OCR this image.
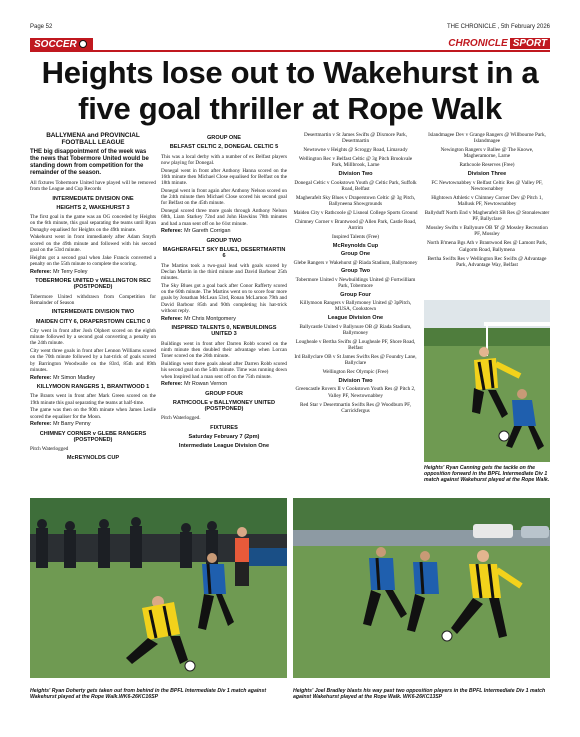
Page 52	THE CHRONICLE , 5th February 2026
SOCCER	CHRONICLE SPORT
Heights lose out to Wakehurst in a five goal thriller at Rope Walk
BALLYMENA and PROVINCIAL FOOTBALL LEAGUE

THE big disappointment of the week was the news that Tobermore United would be standing down from competition for the remainder of the season.

All fixtures Tobermore United have played will be removed from the League and Cup Records

INTERMEDIATE DIVISION ONE
HEIGHTS 2, WAKEHURST 3

The first goal in the game was an OG conceded by Heights on the 6th minute, this goal separating the teams until Ryan Donaghy equalised for Heights on the 49th minute.

Wakehurst went in front immediately after Adam Smyth scored on the 49th minute and followed with his second goal on the 53rd minute.

Heights got a second goal when Jake Francis converted a penalty on the 55th minute to complete the scoring.

Referee: Mr Terry Foley
TOBERMORE UNITED v WELLINGTON REC (POSTPONED)

Tobermore United withdrawn from Competition for Remainder of Season

INTERMEDIATE DIVISION TWO
MAIDEN CITY 6, DRAPERSTOWN CELTIC 0

City went in front after Josh Olphert scored on the eighth minute followed by a second goal converting a penalty on the 24th minute.

City went three goals in front after Lennon Williams scored on the 70th minute followed by a hat-trick of goals scored by Barrington Woodwalle on the 83rd, 85th and 89th minutes.

Referee: Mr Simon Madley
KILLYMOON RANGERS 1, BRANTWOOD 1

The Brants went in front after Mark Green scored on the 19th minute this goal separating the teams at half-time.

The game was then on the 90th minute when James Leslie scored the equaliser for the Moon.

Referee: Mr Barry Penny
CHIMNEY CORNER v GLEBE RANGERS (POSTPONED)

Pitch Waterlogged

McREYNOLDS CUP
GROUP ONE
BELFAST CELTIC 2, DONEGAL CELTIC 5

This was a local derby with a number of ex Belfast players now playing for Donegal.

Donegal went in front after Anthony Hanna scored on the 16th minute then Michael Close equalised for Belfast on the 18th minute.

Donegal went in front again after Anthony Nelson scored on the 24th minute then Michael Close scored his second goal for Belfast on the 45th minute.

Donegal scored three more goals through Anthony Nelson 68th, Liam Starkey 72nd and John Hawkins 78th minutes and had a man sent off on he 61st minute.

Referee: Mr Gareth Corrigan
GROUP TWO
MAGHERAFELT SKY BLUE1, DESERTMARTIN 6

The Martins took a two-goal lead with goals scored by Declan Martin in the third minute and David Barbour 25th minutes.

The Sky Blues got a goal back after Conor Rafferty scored on the 60th minute. The Martins went on to score four more goals by Jonathan McLean 53rd, Ronan McLarnon 79th and David Barbour 85th and 90th completing his hat-trick without reply.

Referee: Mr Chris Montgomery
INSPIRED TALENTS 0, NEWBUILDINGS UNITED 3

Buildings went in front after Darren Robb scored on the ninth minute then doubled their advantage when Lorcan Toner scored on the 26th minute.

Buildings went three goals ahead after Darren Robb scored his second goal on the 54th minute. Time was running down when Inspired had a man sent off on the 75th minute.

Referee: Mr Rowan Vernon
GROUP FOUR
RATHCOOLE v BALLYMONEY UNITED (POSTPONED)

Pitch Waterlogged.

FIXTURES
Saturday February 7 (2pm)
Intermediate League Division One

Desertmartin v St James Swifts @ Dixmore Park, Desertmartin

Newtowne v Heights @ Scroggy Road, Limavady

Wellington Rec v Belfast Celtic @ 3g Pitch Brookvale Park, Millbrook, Larne

Division Two

Donegal Celtic v Cookstown Youth @ Celtic Park, Suffolk Road, Belfast

Magherafelt Sky Blues v Draperstown Celtic @ 3g Pitch, Ballyneena Showgrounds

Maiden City v Rathcoole @ Lisneal College Sports Ground

Chimney Corner v Brantwood @ Allen Park, Castle Road, Antrim

Inspired Talents (Free)

McReynolds Cup
Group One

Glebe Rangers v Wakehurst @ Riada Stadium, Ballymoney

Group Two

Tobermore United v Newbuildings United @ Fortwilliam Park, Tobermore

Group Four

Killymoon Rangers v Ballymoney United @ 3pPitch, MUSA, Cookstown

League Division One

Ballycastle United v Ballynure OB @ Riada Stadium, Ballymoney

Lougheale v Bertha Swifts @ Lougheale PF, Shore Road, Belfast

Ird Ballyclare OB v St James Swifts Res @ Foundry Lane, Ballyclare

Wellington Rec Olympic (Free)

Division Two

Greencastle Rovers II v Cookstown Youth Res @ Pitch 2, Valley PF, Newtownabbey

Red Star v Desertmartin Swifts Res @ Woodburn PF, Carrickfergus

Islandmagee Dev v Grange Rangers @ Willbourne Park, Islandmagee

Newington Rangers v Ballee @ The Knowe, Magheramorne, Larne

Rathcoole Reserves (Free)

Division Three

FC Newtownabbey v Belfast Celtic Res @ Valley PF, Newtownabbey

Hightown Athletic v Chimney Corner Dev @ Pitch 1, Mallusk PF, Newtownabbey

Ballyduff North End v Magherafelt SB Res @ Stonalewater PF, Ballyclare

Mossley Swifts v Ballynure OB 'B' @ Mossley Recreation PF, Mossley

North B'mena Bgs Ath v Brantwood Res @ Lamont Park, Galgorm Road, Ballymena

Bertha Swifts Res v Wellington Rec Swifts @ Advantage Park, Advantage Way, Belfast

Heights' Ryan Canning gets the tackle on the opposition forward in the BPFL Intermediate Div 1 match against Wakehurst played at the Rope Walk.

Heights' Ryan Doherty gets taken out from behind in the BPFL Intermediate Div 1 match against Wakehurst played at the Rope Walk.WK6-26KC16SP

Heights' Joel Bradley blasts his way past two opposition players in the BPFL Intermediate Div 1 match against Wakehurst played at the Rope Walk. WK6-26KC13SP
